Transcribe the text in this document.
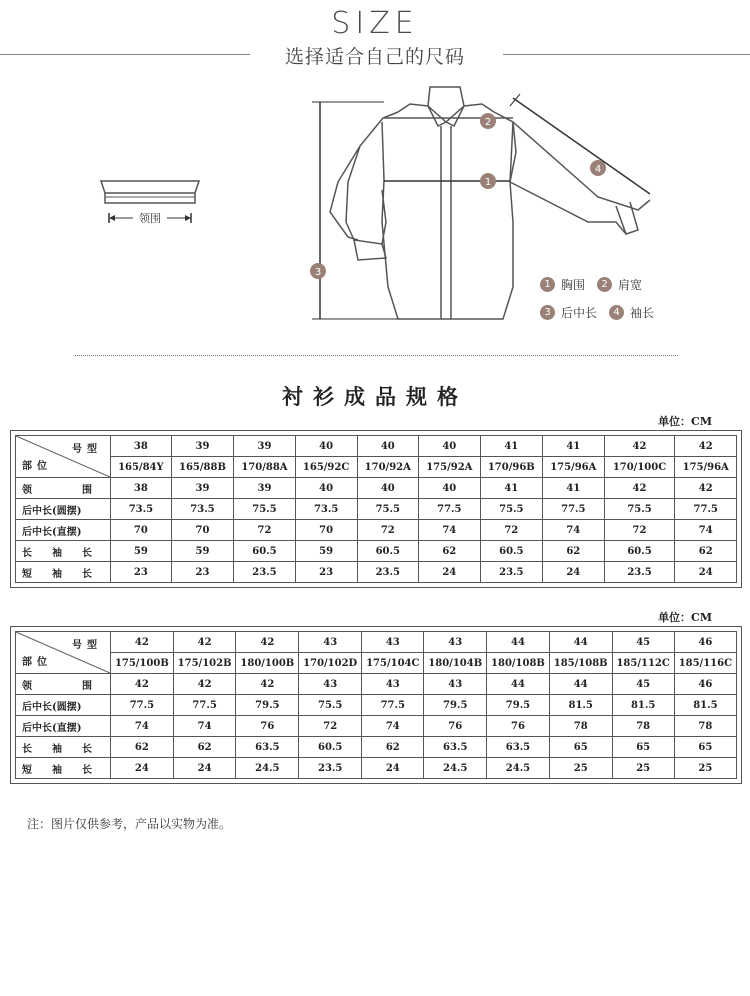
SIZE
选择适合自己的尺码
领围
1
2
3
4
1 胸围	2 肩宽
3 后中长	4 袖长
衬衫成品规格
单位：CM
号型
部位	38	39	39	40	40	40	41	41	42	42
	165/84Y	165/88B	170/88A	165/92C	170/92A	175/92A	170/96B	175/96A	170/100C	175/96A

领 围	38	39	39	40	40	40	41	41	42	42
后中长(圆摆)	73.5	73.5	75.5	73.5	75.5	77.5	75.5	77.5	75.5	77.5
后中长(直摆)	70	70	72	70	72	74	72	74	72	74

长 袖 长	59	59	60.5	59	60.5	62	60.5	62	60.5	62

短 袖 长	23	23	23.5	23	23.5	24	23.5	24	23.5	24
单位：CM
号型
部位	42	42	42	43	43	43	44	44	45	46
	175/100B	175/102B	180/100B	170/102D	175/104C	180/104B	180/108B	185/108B	185/112C	185/116C

领 围	42	42	42	43	43	43	44	44	45	46
后中长(圆摆)	77.5	77.5	79.5	75.5	77.5	79.5	79.5	81.5	81.5	81.5
后中长(直摆)	74	74	76	72	74	76	76	78	78	78

长 袖 长	62	62	63.5	60.5	62	63.5	63.5	65	65	65

短 袖 长	24	24	24.5	23.5	24	24.5	24.5	25	25	25
注：图片仅供参考，产品以实物为准。
